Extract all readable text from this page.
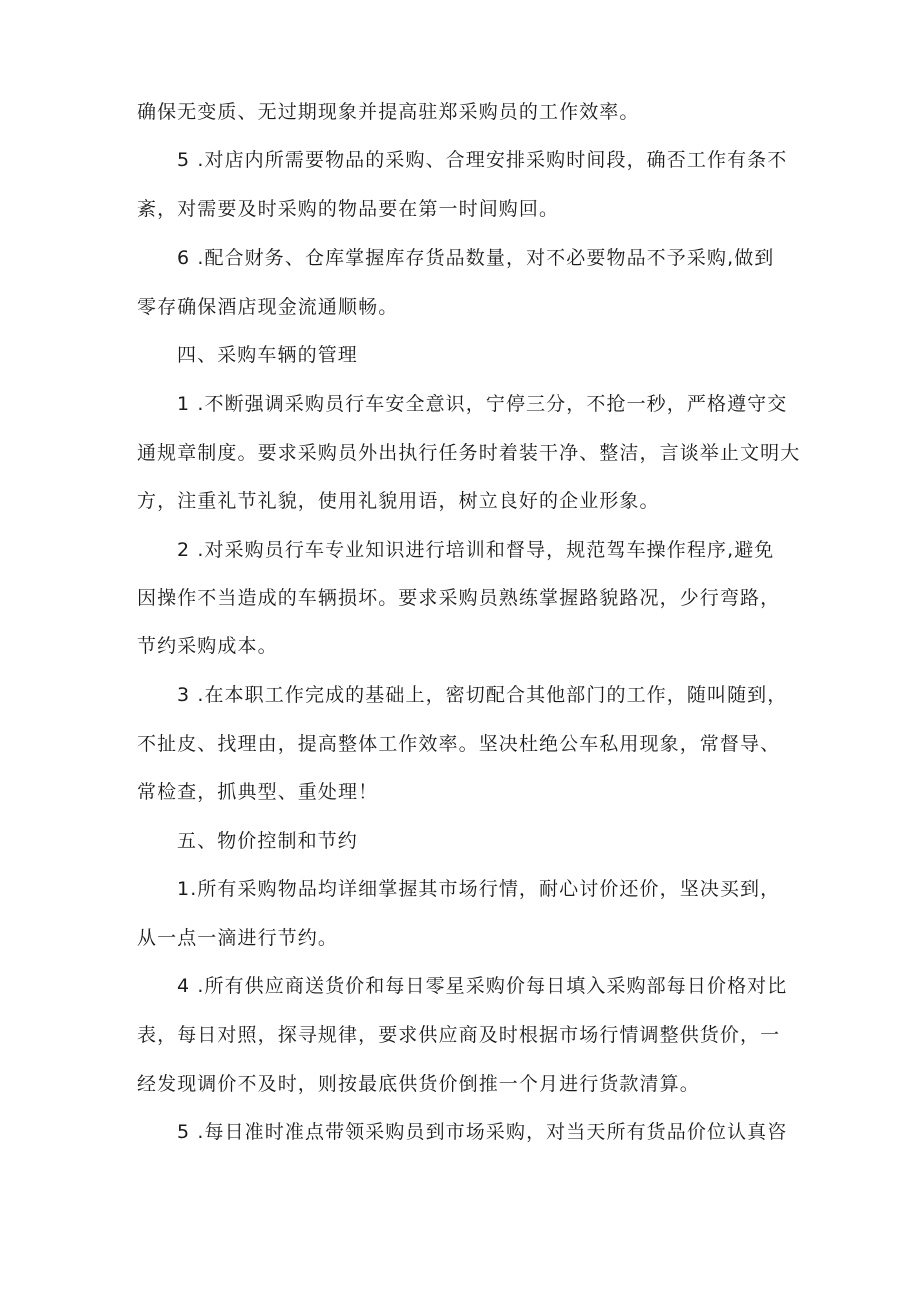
确保无变质、无过期现象并提高驻郑采购员的工作效率。
5 .对店内所需要物品的采购、合理安排采购时间段，确否工作有条不
紊，对需要及时采购的物品要在第一时间购回。
6 .配合财务、仓库掌握库存货品数量，对不必要物品不予采购,做到
零存确保酒店现金流通顺畅。
四、采购车辆的管理
1 .不断强调采购员行车安全意识，宁停三分，不抢一秒，严格遵守交
通规章制度。要求采购员外出执行任务时着装干净、整洁，言谈举止文明大
方，注重礼节礼貌，使用礼貌用语，树立良好的企业形象。
2 .对采购员行车专业知识进行培训和督导，规范驾车操作程序,避免
因操作不当造成的车辆损坏。要求采购员熟练掌握路貌路况，少行弯路，
节约采购成本。
3 .在本职工作完成的基础上，密切配合其他部门的工作，随叫随到，
不扯皮、找理由，提高整体工作效率。坚决杜绝公车私用现象，常督导、
常检查，抓典型、重处理！
五、物价控制和节约
1.所有采购物品均详细掌握其市场行情，耐心讨价还价，坚决买到，
从一点一滴进行节约。
4 .所有供应商送货价和每日零星采购价每日填入采购部每日价格对比
表，每日对照，探寻规律，要求供应商及时根据市场行情调整供货价，一
经发现调价不及时，则按最底供货价倒推一个月进行货款清算。
5 .每日准时准点带领采购员到市场采购，对当天所有货品价位认真咨
